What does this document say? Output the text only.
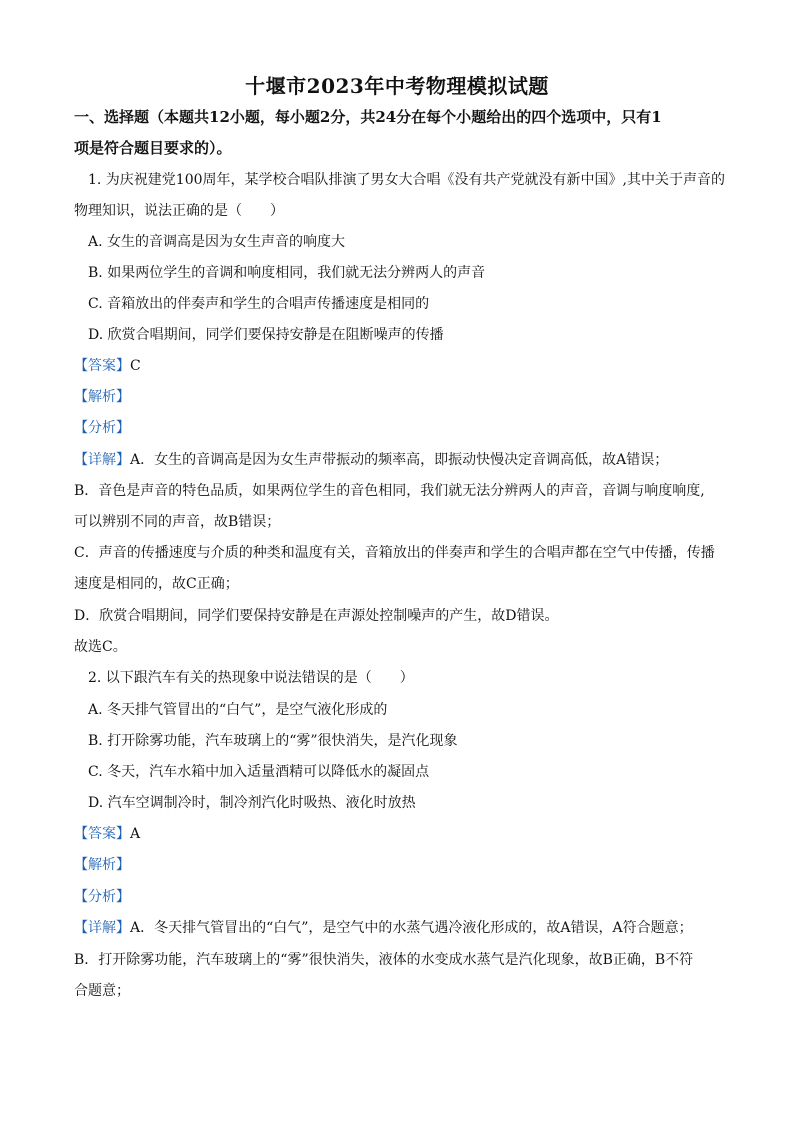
十堰市2023年中考物理模拟试题
一、选择题（本题共12小题，每小题2分，共24分在每个小题给出的四个选项中，只有1
项是符合题目要求的）。
1. 为庆祝建党100周年，某学校合唱队排演了男女大合唱《没有共产党就没有新中国》,其中关于声音的
物理知识，说法正确的是（　　）
A. 女生的音调高是因为女生声音的响度大
B. 如果两位学生的音调和响度相同，我们就无法分辨两人的声音
C. 音箱放出的伴奏声和学生的合唱声传播速度是相同的
D. 欣赏合唱期间，同学们要保持安静是在阻断噪声的传播
【答案】C
【解析】
【分析】
【详解】A．女生的音调高是因为女生声带振动的频率高，即振动快慢决定音调高低，故A错误；
B．音色是声音的特色品质，如果两位学生的音色相同，我们就无法分辨两人的声音，音调与响度响度,
可以辨别不同的声音，故B错误；
C．声音的传播速度与介质的种类和温度有关，音箱放出的伴奏声和学生的合唱声都在空气中传播，传播
速度是相同的，故C正确；
D．欣赏合唱期间，同学们要保持安静是在声源处控制噪声的产生，故D错误。
故选C。
2. 以下跟汽车有关的热现象中说法错误的是（　　）
A. 冬天排气管冒出的“白气”，是空气液化形成的
B. 打开除雾功能，汽车玻璃上的“雾”很快消失，是汽化现象
C. 冬天，汽车水箱中加入适量酒精可以降低水的凝固点
D. 汽车空调制冷时，制冷剂汽化时吸热、液化时放热
【答案】A
【解析】
【分析】
【详解】A．冬天排气管冒出的“白气”，是空气中的水蒸气遇冷液化形成的，故A错误，A符合题意；
B．打开除雾功能，汽车玻璃上的“雾”很快消失，液体的水变成水蒸气是汽化现象，故B正确，B不符
合题意；
